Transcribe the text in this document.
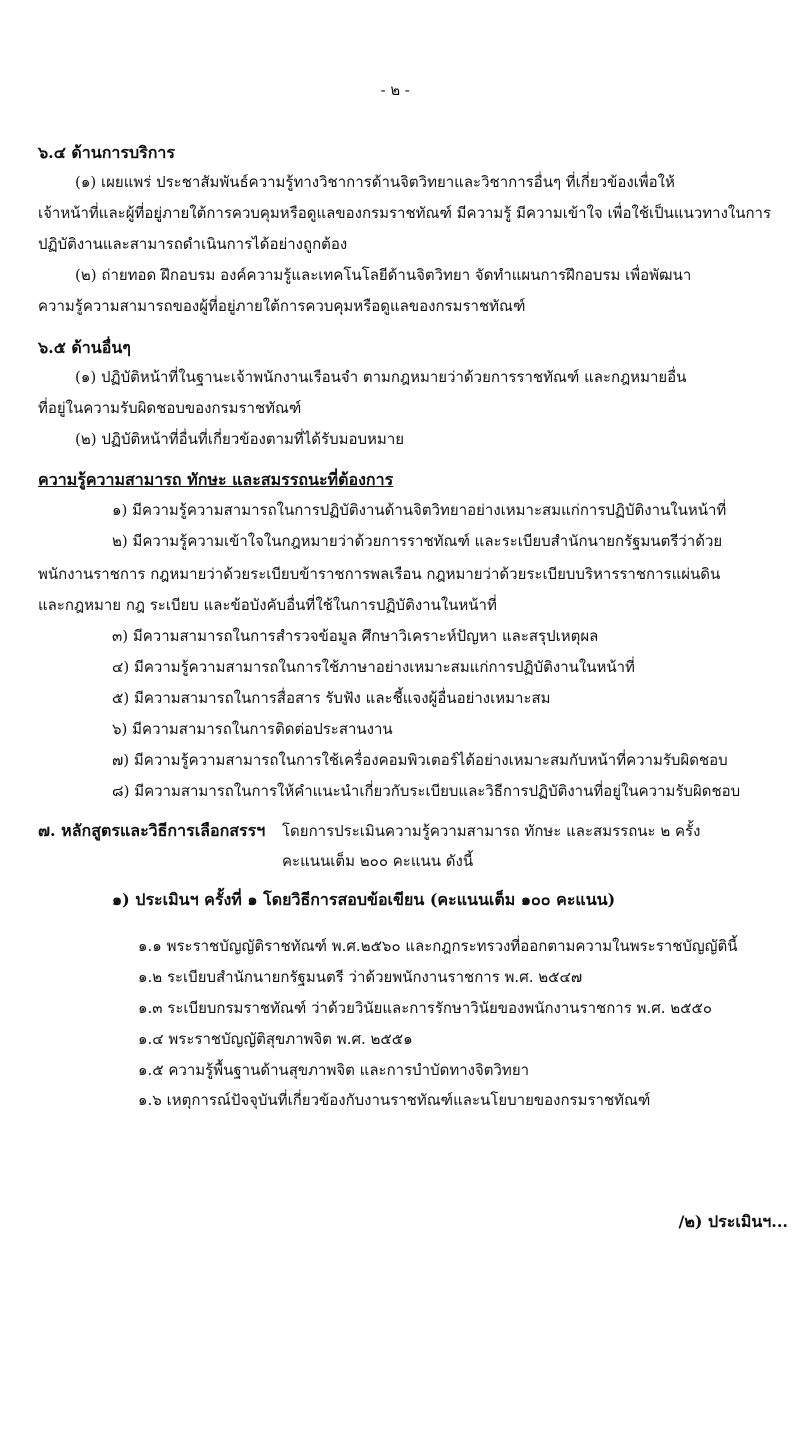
- ๒ -
๖.๔ ด้านการบริการ
(๑) เผยแพร่ ประชาสัมพันธ์ความรู้ทางวิชาการด้านจิตวิทยาและวิชาการอื่นๆ ที่เกี่ยวข้องเพื่อให้
เจ้าหน้าที่และผู้ที่อยู่ภายใต้การควบคุมหรือดูแลของกรมราชทัณฑ์ มีความรู้ มีความเข้าใจ เพื่อใช้เป็นแนวทางในการ
ปฏิบัติงานและสามารถดำเนินการได้อย่างถูกต้อง
(๒) ถ่ายทอด ฝึกอบรม องค์ความรู้และเทคโนโลยีด้านจิตวิทยา จัดทำแผนการฝึกอบรม เพื่อพัฒนา
ความรู้ความสามารถของผู้ที่อยู่ภายใต้การควบคุมหรือดูแลของกรมราชทัณฑ์
๖.๕ ด้านอื่นๆ
(๑) ปฏิบัติหน้าที่ในฐานะเจ้าพนักงานเรือนจำ ตามกฎหมายว่าด้วยการราชทัณฑ์ และกฎหมายอื่น
ที่อยู่ในความรับผิดชอบของกรมราชทัณฑ์
(๒) ปฏิบัติหน้าที่อื่นที่เกี่ยวข้องตามที่ได้รับมอบหมาย
ความรู้ความสามารถ ทักษะ และสมรรถนะที่ต้องการ
๑) มีความรู้ความสามารถในการปฏิบัติงานด้านจิตวิทยาอย่างเหมาะสมแก่การปฏิบัติงานในหน้าที่
๒) มีความรู้ความเข้าใจในกฎหมายว่าด้วยการราชทัณฑ์ และระเบียบสำนักนายกรัฐมนตรีว่าด้วย
พนักงานราชการ กฎหมายว่าด้วยระเบียบข้าราชการพลเรือน กฎหมายว่าด้วยระเบียบบริหารราชการแผ่นดิน
และกฎหมาย กฎ ระเบียบ และข้อบังคับอื่นที่ใช้ในการปฏิบัติงานในหน้าที่
๓) มีความสามารถในการสำรวจข้อมูล ศึกษาวิเคราะห์ปัญหา และสรุปเหตุผล
๔) มีความรู้ความสามารถในการใช้ภาษาอย่างเหมาะสมแก่การปฏิบัติงานในหน้าที่
๕) มีความสามารถในการสื่อสาร รับฟัง และชี้แจงผู้อื่นอย่างเหมาะสม
๖) มีความสามารถในการติดต่อประสานงาน
๗) มีความรู้ความสามารถในการใช้เครื่องคอมพิวเตอร์ได้อย่างเหมาะสมกับหน้าที่ความรับผิดชอบ
๘) มีความสามารถในการให้คำแนะนำเกี่ยวกับระเบียบและวิธีการปฏิบัติงานที่อยู่ในความรับผิดชอบ
๗. หลักสูตรและวิธีการเลือกสรรฯ โดยการประเมินความรู้ความสามารถ ทักษะ และสมรรถนะ ๒ ครั้ง
คะแนนเต็ม ๒๐๐ คะแนน ดังนี้
๑) ประเมินฯ ครั้งที่ ๑ โดยวิธีการสอบข้อเขียน (คะแนนเต็ม ๑๐๐ คะแนน)
๑.๑ พระราชบัญญัติราชทัณฑ์ พ.ศ.๒๕๖๐ และกฎกระทรวงที่ออกตามความในพระราชบัญญัตินี้
๑.๒ ระเบียบสำนักนายกรัฐมนตรี ว่าด้วยพนักงานราชการ พ.ศ. ๒๕๔๗
๑.๓ ระเบียบกรมราชทัณฑ์ ว่าด้วยวินัยและการรักษาวินัยของพนักงานราชการ พ.ศ. ๒๕๕๐
๑.๔ พระราชบัญญัติสุขภาพจิต พ.ศ. ๒๕๕๑
๑.๕ ความรู้พื้นฐานด้านสุขภาพจิต และการบำบัดทางจิตวิทยา
๑.๖ เหตุการณ์ปัจจุบันที่เกี่ยวข้องกับงานราชทัณฑ์และนโยบายของกรมราชทัณฑ์
/๒) ประเมินฯ...
